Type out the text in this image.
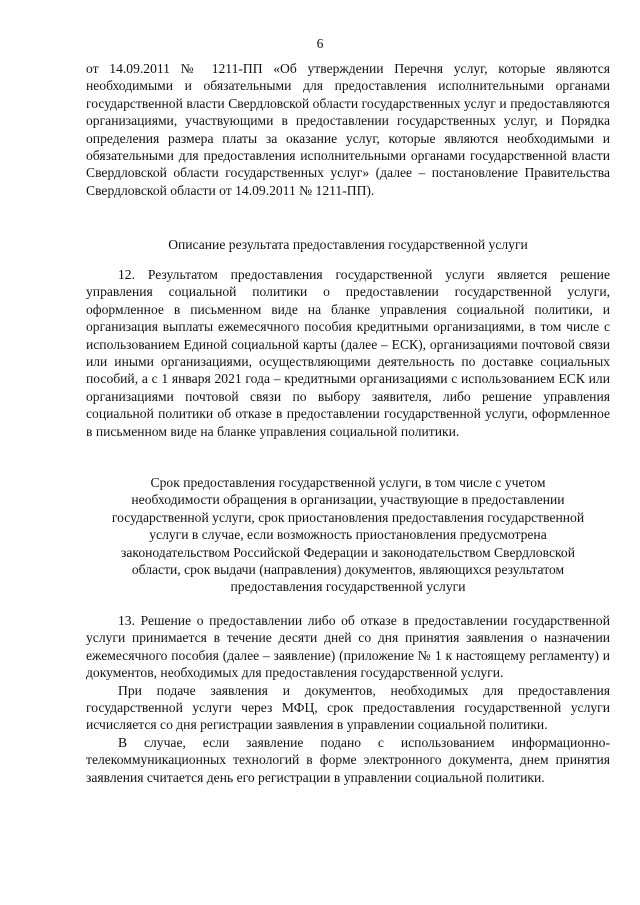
6

от 14.09.2011 № 1211-ПП «Об утверждении Перечня услуг, которые являются необходимыми и обязательными для предоставления исполнительными органами государственной власти Свердловской области государственных услуг и предоставляются организациями, участвующими в предоставлении государственных услуг, и Порядка определения размера платы за оказание услуг, которые являются необходимыми и обязательными для предоставления исполнительными органами государственной власти Свердловской области государственных услуг» (далее – постановление Правительства Свердловской области от 14.09.2011 № 1211-ПП).

Описание результата предоставления государственной услуги

12. Результатом предоставления государственной услуги является решение управления социальной политики о предоставлении государственной услуги, оформленное в письменном виде на бланке управления социальной политики, и организация выплаты ежемесячного пособия кредитными организациями, в том числе с использованием Единой социальной карты (далее – ЕСК), организациями почтовой связи или иными организациями, осуществляющими деятельность по доставке социальных пособий, а с 1 января 2021 года – кредитными организациями с использованием ЕСК или организациями почтовой связи по выбору заявителя, либо решение управления социальной политики об отказе в предоставлении государственной услуги, оформленное в письменном виде на бланке управления социальной политики.

Срок предоставления государственной услуги, в том числе с учетом

необходимости обращения в организации, участвующие в предоставлении

государственной услуги, срок приостановления предоставления государственной

услуги в случае, если возможность приостановления предусмотрена

законодательством Российской Федерации и законодательством Свердловской

области, срок выдачи (направления) документов, являющихся результатом

предоставления государственной услуги

13. Решение о предоставлении либо об отказе в предоставлении государственной услуги принимается в течение десяти дней со дня принятия заявления о назначении ежемесячного пособия (далее – заявление) (приложение № 1 к настоящему регламенту) и документов, необходимых для предоставления государственной услуги.

При подаче заявления и документов, необходимых для предоставления государственной услуги через МФЦ, срок предоставления государственной услуги исчисляется со дня регистрации заявления в управлении социальной политики.

В случае, если заявление подано с использованием информационно-телекоммуникационных технологий в форме электронного документа, днем принятия заявления считается день его регистрации в управлении социальной политики.
